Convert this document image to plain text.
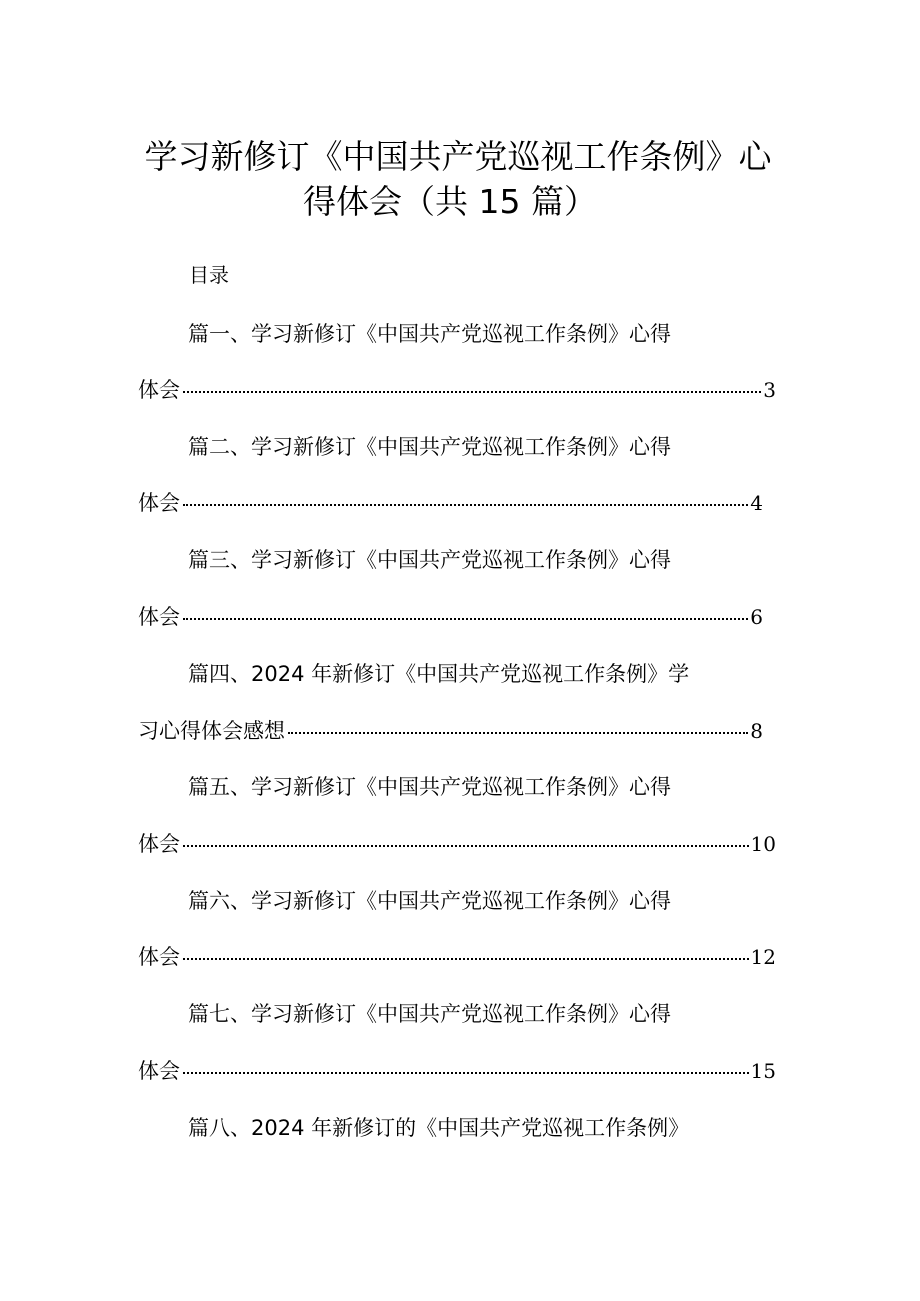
学习新修订《中国共产党巡视工作条例》心
得体会（共 15 篇）
目录
篇一、学习新修订《中国共产党巡视工作条例》心得
体会	3
篇二、学习新修订《中国共产党巡视工作条例》心得
体会	4
篇三、学习新修订《中国共产党巡视工作条例》心得
体会	6
篇四、2024 年新修订《中国共产党巡视工作条例》学
习心得体会感想	8
篇五、学习新修订《中国共产党巡视工作条例》心得
体会	10
篇六、学习新修订《中国共产党巡视工作条例》心得
体会	12
篇七、学习新修订《中国共产党巡视工作条例》心得
体会	15
篇八、2024 年新修订的《中国共产党巡视工作条例》
